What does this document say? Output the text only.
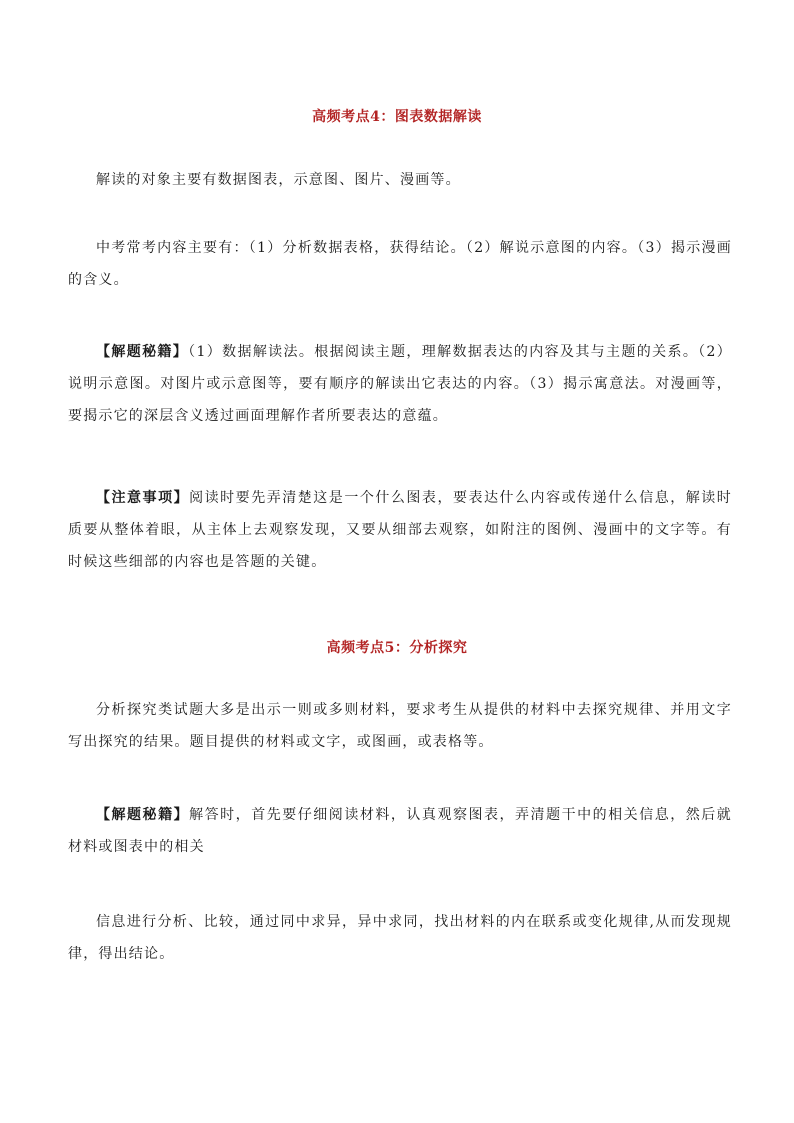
高频考点4：图表数据解读

解读的对象主要有数据图表，示意图、图片、漫画等。

中考常考内容主要有：（1）分析数据表格，获得结论。（2）解说示意图的内容。（3）揭示漫画的含义。

【解题秘籍】（1）数据解读法。根据阅读主题，理解数据表达的内容及其与主题的关系。（2）说明示意图。对图片或示意图等，要有顺序的解读出它表达的内容。（3）揭示寓意法。对漫画等，要揭示它的深层含义透过画面理解作者所要表达的意蕴。

【注意事项】阅读时要先弄清楚这是一个什么图表，要表达什么内容或传递什么信息，解读时质要从整体着眼，从主体上去观察发现，又要从细部去观察，如附注的图例、漫画中的文字等。有时候这些细部的内容也是答题的关键。

高频考点5：分析探究

分析探究类试题大多是出示一则或多则材料，要求考生从提供的材料中去探究规律、并用文字写出探究的结果。题目提供的材料或文字，或图画，或表格等。

【解题秘籍】解答时，首先要仔细阅读材料，认真观察图表，弄清题干中的相关信息，然后就材料或图表中的相关

信息进行分析、比较，通过同中求异，异中求同，找出材料的内在联系或变化规律,从而发现规律，得出结论。
